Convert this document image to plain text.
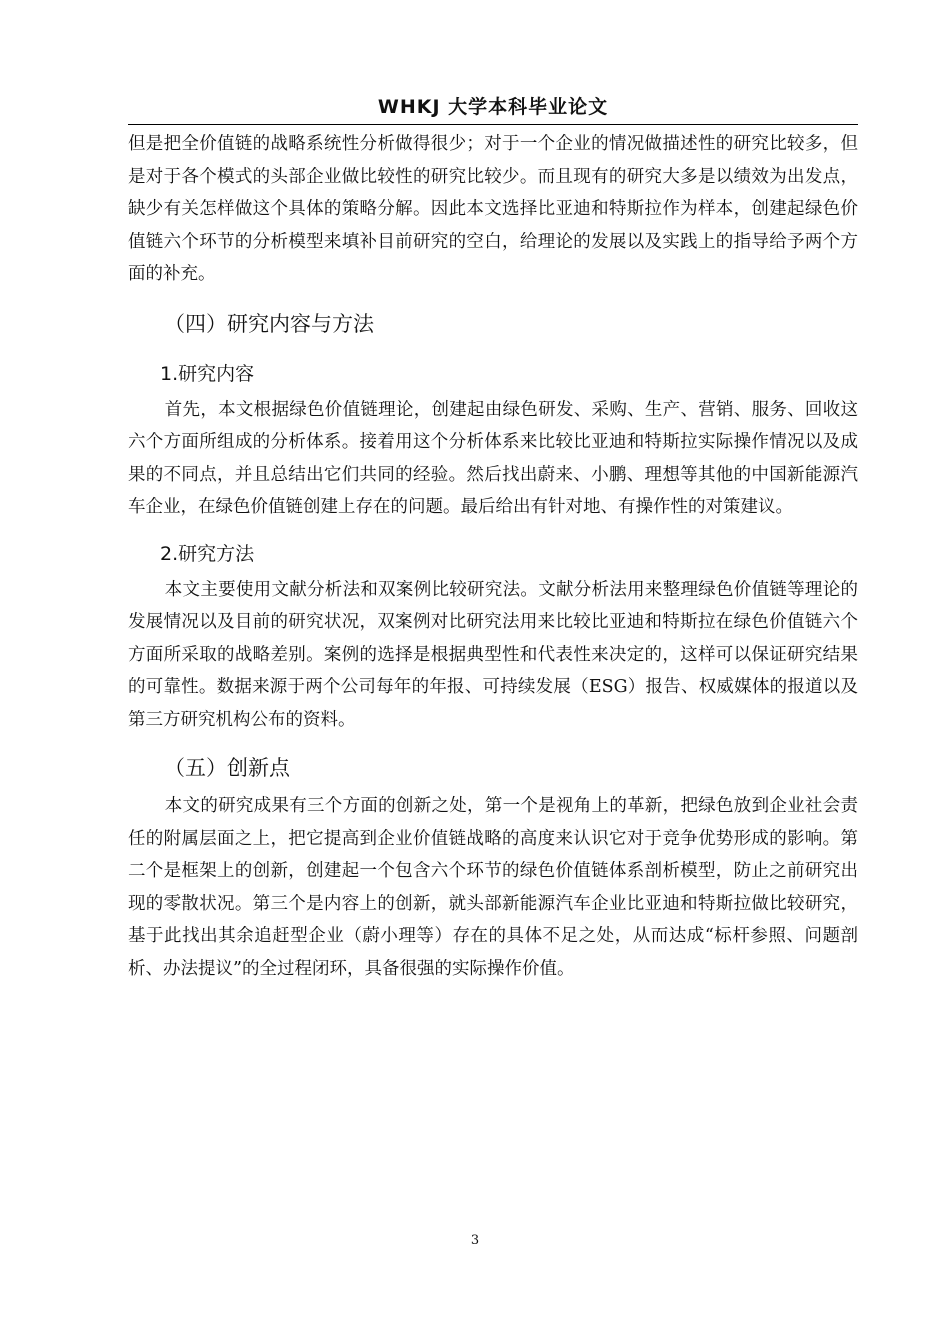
WHKJ 大学本科毕业论文

但是把全价值链的战略系统性分析做得很少；对于一个企业的情况做描述性的研究比较多，但是对于各个模式的头部企业做比较性的研究比较少。而且现有的研究大多是以绩效为出发点，缺少有关怎样做这个具体的策略分解。因此本文选择比亚迪和特斯拉作为样本，创建起绿色价值链六个环节的分析模型来填补目前研究的空白，给理论的发展以及实践上的指导给予两个方面的补充。

（四）研究内容与方法
1.研究内容

首先，本文根据绿色价值链理论，创建起由绿色研发、采购、生产、营销、服务、回收这六个方面所组成的分析体系。接着用这个分析体系来比较比亚迪和特斯拉实际操作情况以及成果的不同点，并且总结出它们共同的经验。然后找出蔚来、小鹏、理想等其他的中国新能源汽车企业，在绿色价值链创建上存在的问题。最后给出有针对地、有操作性的对策建议。

2.研究方法

本文主要使用文献分析法和双案例比较研究法。文献分析法用来整理绿色价值链等理论的发展情况以及目前的研究状况，双案例对比研究法用来比较比亚迪和特斯拉在绿色价值链六个方面所采取的战略差别。案例的选择是根据典型性和代表性来决定的，这样可以保证研究结果的可靠性。数据来源于两个公司每年的年报、可持续发展（ESG）报告、权威媒体的报道以及第三方研究机构公布的资料。

（五）创新点

本文的研究成果有三个方面的创新之处，第一个是视角上的革新，把绿色放到企业社会责任的附属层面之上，把它提高到企业价值链战略的高度来认识它对于竞争优势形成的影响。第二个是框架上的创新，创建起一个包含六个环节的绿色价值链体系剖析模型，防止之前研究出现的零散状况。第三个是内容上的创新，就头部新能源汽车企业比亚迪和特斯拉做比较研究，基于此找出其余追赶型企业（蔚小理等）存在的具体不足之处，从而达成“标杆参照、问题剖析、办法提议”的全过程闭环，具备很强的实际操作价值。

3
